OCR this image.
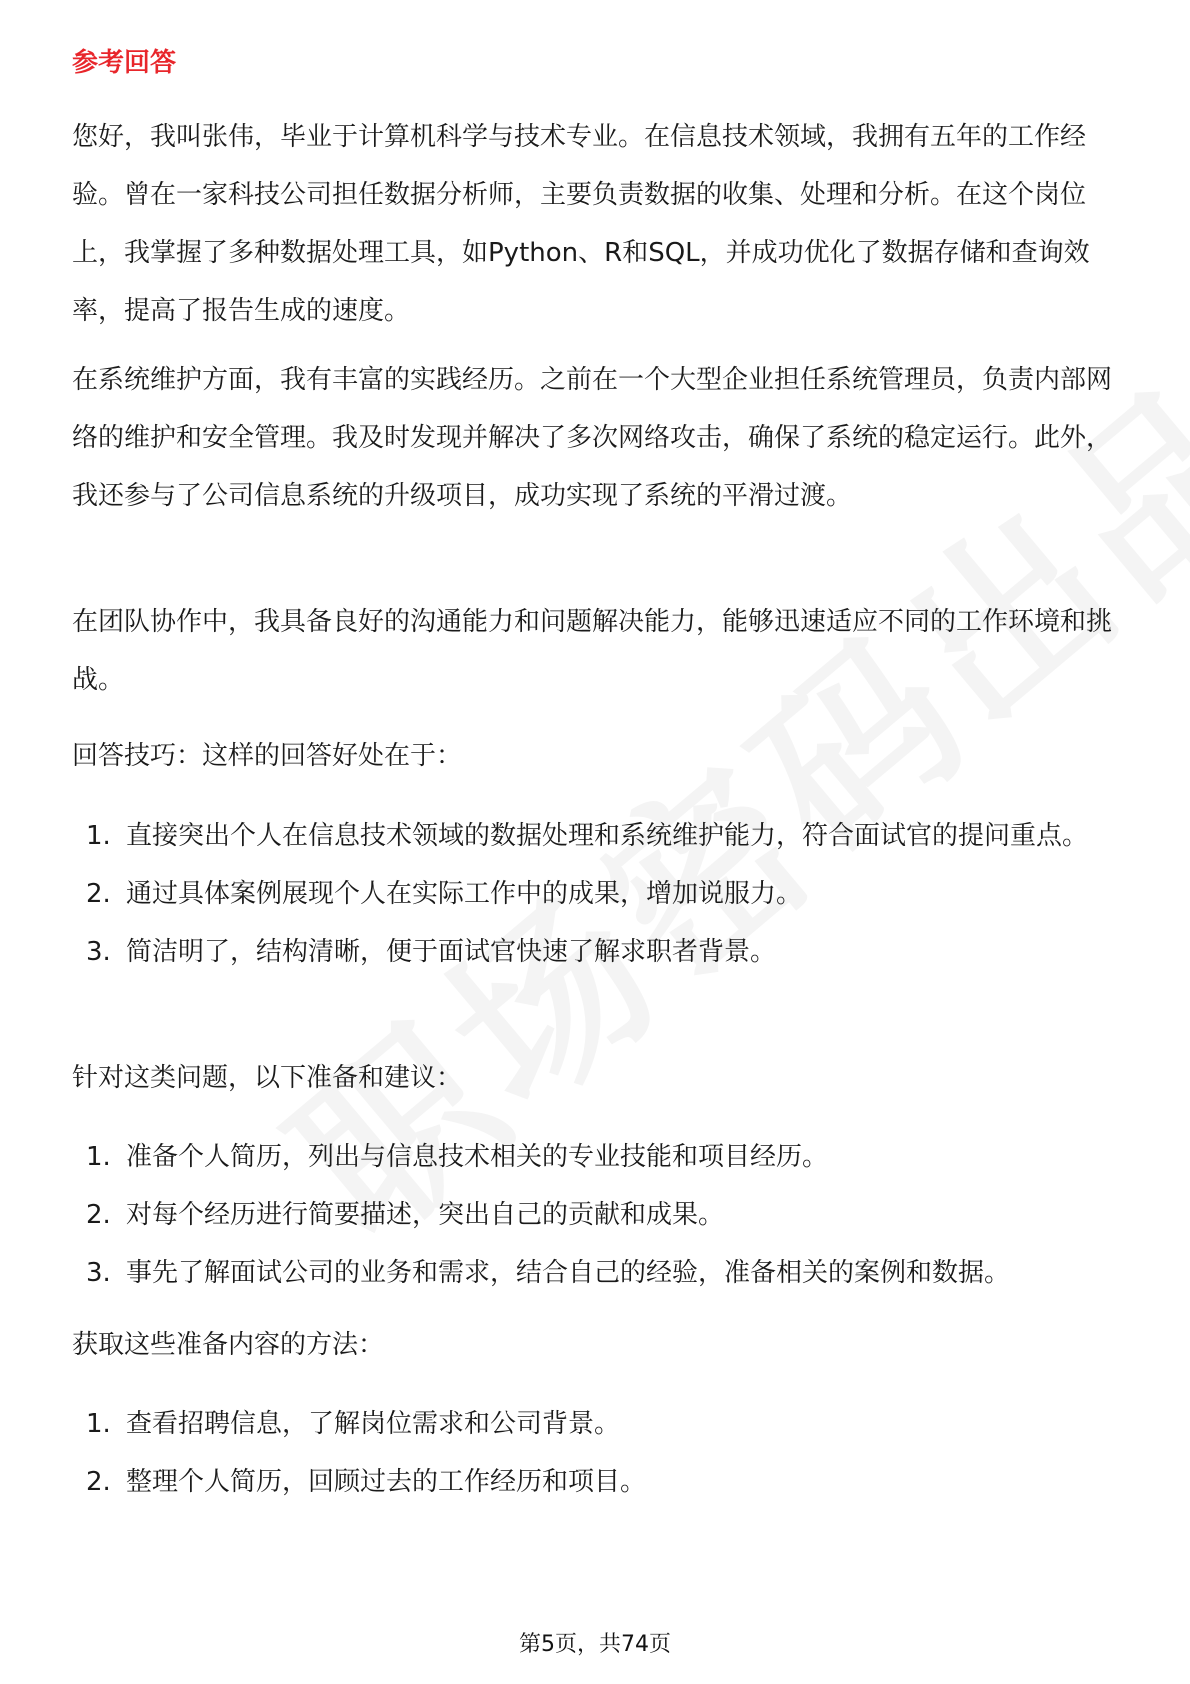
参考回答

您好，我叫张伟，毕业于计算机科学与技术专业。在信息技术领域，我拥有五年的工作经验。曾在一家科技公司担任数据分析师，主要负责数据的收集、处理和分析。在这个岗位上，我掌握了多种数据处理工具，如Python、R和SQL，并成功优化了数据存储和查询效率，提高了报告生成的速度。

在系统维护方面，我有丰富的实践经历。之前在一个大型企业担任系统管理员，负责内部网络的维护和安全管理。我及时发现并解决了多次网络攻击，确保了系统的稳定运行。此外，我还参与了公司信息系统的升级项目，成功实现了系统的平滑过渡。

在团队协作中，我具备良好的沟通能力和问题解决能力，能够迅速适应不同的工作环境和挑战。

回答技巧：这样的回答好处在于：

1. 直接突出个人在信息技术领域的数据处理和系统维护能力，符合面试官的提问重点。
2. 通过具体案例展现个人在实际工作中的成果，增加说服力。
3. 简洁明了，结构清晰，便于面试官快速了解求职者背景。

针对这类问题，以下准备和建议：

1. 准备个人简历，列出与信息技术相关的专业技能和项目经历。
2. 对每个经历进行简要描述，突出自己的贡献和成果。
3. 事先了解面试公司的业务和需求，结合自己的经验，准备相关的案例和数据。

获取这些准备内容的方法：

1. 查看招聘信息，了解岗位需求和公司背景。
2. 整理个人简历，回顾过去的工作经历和项目。
第5页，共74页
